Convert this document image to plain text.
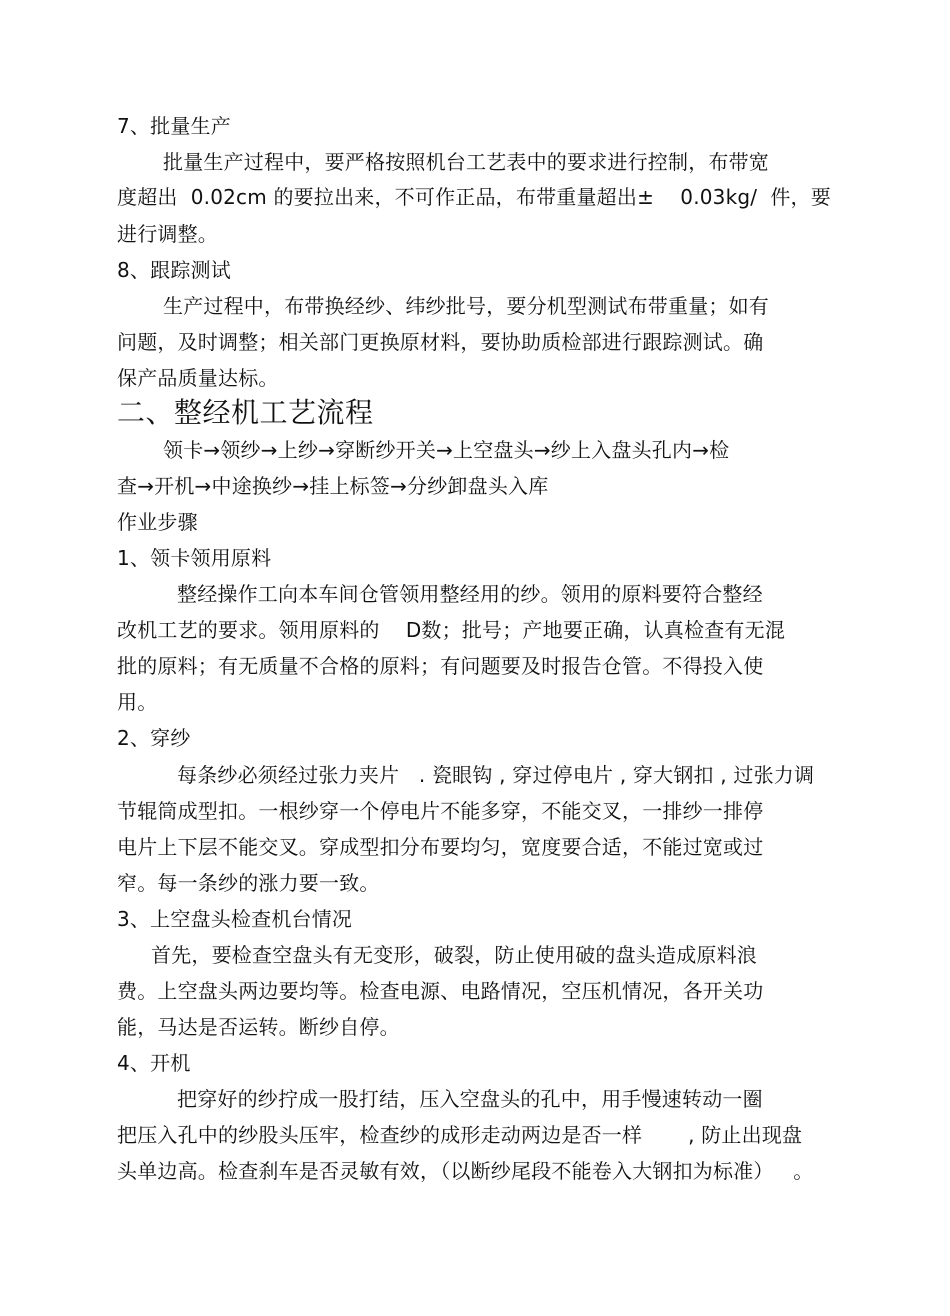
7、批量生产
批量生产过程中，要严格按照机台工艺表中的要求进行控制，布带宽
度超出  0.02cm 的要拉出来，不可作正品，布带重量超出±    0.03kg/  件，要
进行调整。
8、跟踪测试
生产过程中，布带换经纱、纬纱批号，要分机型测试布带重量；如有
问题，及时调整；相关部门更换原材料，要协助质检部进行跟踪测试。确
保产品质量达标。
二、整经机工艺流程
领卡→领纱→上纱→穿断纱开关→上空盘头→纱上入盘头孔内→检
查→开机→中途换纱→挂上标签→分纱卸盘头入库
作业步骤
1、领卡领用原料
整经操作工向本车间仓管领用整经用的纱。领用的原料要符合整经
改机工艺的要求。领用原料的    D数；批号；产地要正确，认真检查有无混
批的原料；有无质量不合格的原料；有问题要及时报告仓管。不得投入使
用。
2、穿纱
每条纱必须经过张力夹片   . 瓷眼钩 , 穿过停电片 , 穿大钢扣 , 过张力调
节辊筒成型扣。一根纱穿一个停电片不能多穿，不能交叉，一排纱一排停
电片上下层不能交叉。穿成型扣分布要均匀，宽度要合适，不能过宽或过
窄。每一条纱的涨力要一致。
3、上空盘头检查机台情况
首先，要检查空盘头有无变形，破裂，防止使用破的盘头造成原料浪
费。上空盘头两边要均等。检查电源、电路情况，空压机情况，各开关功
能，马达是否运转。断纱自停。
4、开机
把穿好的纱拧成一股打结，压入空盘头的孔中，用手慢速转动一圈
把压入孔中的纱股头压牢，检查纱的成形走动两边是否一样       , 防止出现盘
头单边高。检查刹车是否灵敏有效，（以断纱尾段不能卷入大钢扣为标准）   。
